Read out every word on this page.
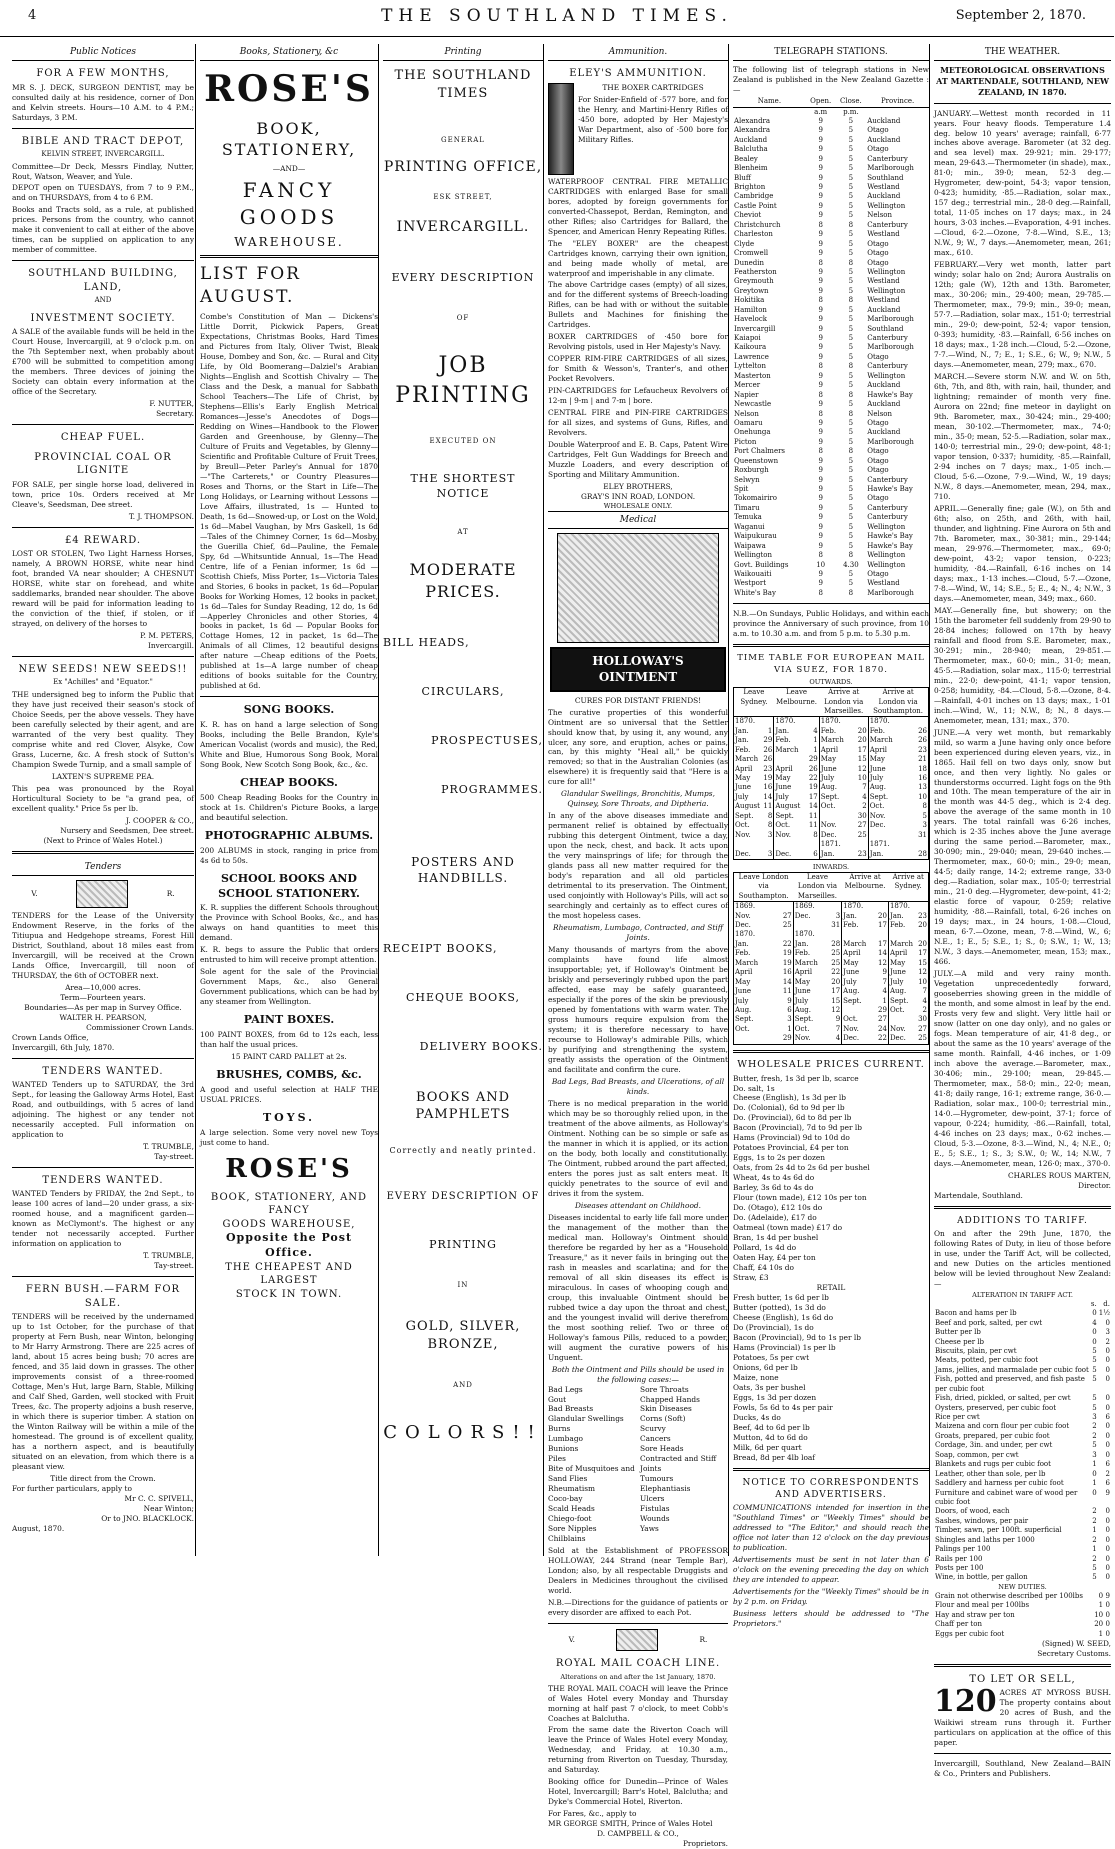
4	THE SOUTHLAND TIMES.	September 2, 1870.
Public Notices
FOR A FEW MONTHS,

MR S. J. DECK, SURGEON DENTIST, may be consulted daily at his residence, corner of Don and Kelvin streets. Hours—10 A.M. to 4 P.M.; Saturdays, 3 P.M.

BIBLE AND TRACT DEPOT,
KELVIN STREET, INVERCARGILL.

Committee—Dr Deck, Messrs Findlay, Nutter, Rout, Watson, Weaver, and Yule.

DEPOT open on TUESDAYS, from 7 to 9 P.M., and on THURSDAYS, from 4 to 6 P.M.

Books and Tracts sold, as a rule, at published prices. Persons from the country, who cannot make it convenient to call at either of the above times, can be supplied on application to any member of committee.

SOUTHLAND BUILDING, LAND,
AND
INVESTMENT SOCIETY.

A SALE of the available funds will be held in the Court House, Invercargill, at 9 o'clock p.m. on the 7th September next, when probably about £700 will be submitted to competition among the members. Three devices of joining the Society can obtain every information at the office of the Secretary.

F. NUTTER,
Secretary.
CHEAP FUEL.
PROVINCIAL COAL OR LIGNITE

FOR SALE, per single horse load, delivered in town, price 10s. Orders received at Mr Cleave's, Seedsman, Dee street.

T. J. THOMPSON.
£4 REWARD.

LOST OR STOLEN, Two Light Harness Horses, namely, A BROWN HORSE, white near hind foot, branded VA near shoulder; A CHESNUT HORSE, white star on forehead, and white saddlemarks, branded near shoulder. The above reward will be paid for information leading to the conviction of the thief, if stolen, or if strayed, on delivery of the horses to

P. M. PETERS,
Invercargill.
NEW SEEDS! NEW SEEDS!!
Ex "Achilles" and "Equator."

THE undersigned beg to inform the Public that they have just received their season's stock of Choice Seeds, per the above vessels. They have been carefully selected by their agent, and are warranted of the very best quality. They comprise white and red Clover, Alsyke, Cow Grass, Lucerne, &c. A fresh stock of Sutton's Champion Swede Turnip, and a small sample of

LAXTEN'S SUPREME PEA.

This pea was pronounced by the Royal Horticultural Society to be "a grand pea, of excellent quality." Price 5s per lb.

J. COOPER & CO.,
Nursery and Seedsmen, Dee street.
(Next to Prince of Wales Hotel.)
Tenders
V.	R.

TENDERS for the Lease of the University Endowment Reserve, in the forks of the Titiupua and Hedgehope streams, Forest Hill District, Southland, about 18 miles east from Invercargill, will be received at the Crown Lands Office, Invercargill, till noon of THURSDAY, the 6th of OCTOBER next.

Area—10,000 acres.
Term—Fourteen years.
Boundaries—As per map in Survey Office.
WALTER H. PEARSON,
Commissioner Crown Lands.
Crown Lands Office,
Invercargill, 6th July, 1870.
TENDERS WANTED.

WANTED Tenders up to SATURDAY, the 3rd Sept., for leasing the Galloway Arms Hotel, East Road, and outbuildings, with 5 acres of land adjoining. The highest or any tender not necessarily accepted. Full information on application to

T. TRUMBLE,
Tay-street.
TENDERS WANTED.

WANTED Tenders by FRIDAY, the 2nd Sept., to lease 100 acres of land—20 under grass, a six-roomed house, and a magnificent garden—known as McClymont's. The highest or any tender not necessarily accepted. Further information on application to

T. TRUMBLE,
Tay-street.
FERN BUSH.—FARM FOR SALE.

TENDERS will be received by the undernamed up to 1st October, for the purchase of that property at Fern Bush, near Winton, belonging to Mr Harry Armstrong. There are 225 acres of land, about 15 acres being bush; 70 acres are fenced, and 35 laid down in grasses. The other improvements consist of a three-roomed Cottage, Men's Hut, large Barn, Stable, Milking and Calf Shed, Garden, well stocked with Fruit Trees, &c. The property adjoins a bush reserve, in which there is superior timber. A station on the Winton Railway will be within a mile of the homestead. The ground is of excellent quality, has a northern aspect, and is beautifully situated on an elevation, from which there is a pleasant view.

Title direct from the Crown.
For further particulars, apply to
Mr C. C. SPIVELL,
Near Winton;
Or to JNO. BLACKLOCK.
August, 1870.
Books, Stationery, &c
ROSE'S
BOOK, STATIONERY,
—AND—
FANCY GOODS
WAREHOUSE.
LIST FOR AUGUST.

Combe's Constitution of Man — Dickens's Little Dorrit, Pickwick Papers, Great Expectations, Christmas Books, Hard Times and Pictures from Italy, Oliver Twist, Bleak House, Dombey and Son, &c. — Rural and City Life, by Old Boomerang—Dalziel's Arabian Nights—English and Scottish Chivalry — The Class and the Desk, a manual for Sabbath School Teachers—The Life of Christ, by Stephens—Ellis's Early English Metrical Romances—Jesse's Anecdotes of Dogs—Redding on Wines—Handbook to the Flower Garden and Greenhouse, by Glenny—The Culture of Fruits and Vegetables, by Glenny—Scientific and Profitable Culture of Fruit Trees, by Breull—Peter Parley's Annual for 1870—"The Carterets," or Country Pleasures—Roses and Thorns, or the Start in Life—The Long Holidays, or Learning without Lessons — Love Affairs, illustrated, 1s — Hunted to Death, 1s 6d—Snowed-up, or Lost on the Wold, 1s 6d—Mabel Vaughan, by Mrs Gaskell, 1s 6d—Tales of the Chimney Corner, 1s 6d—Mosby, the Guerilla Chief, 6d—Pauline, the Female Spy, 6d —Whitsuntide Annual, 1s—The Head Centre, life of a Fenian informer, 1s 6d —Scottish Chiefs, Miss Porter, 1s—Victoria Tales and Stories, 6 books in packet, 1s 6d—Popular Books for Working Homes, 12 books in packet, 1s 6d—Tales for Sunday Reading, 12 do, 1s 6d—Apperley Chronicles and other Stories, 4 books in packet, 1s 6d — Popular Books for Cottage Homes, 12 in packet, 1s 6d—The Animals of all Climes, 12 beautiful designs after nature —Cheap editions of the Poets, published at 1s—A large number of cheap editions of books suitable for the Country, published at 6d.

SONG BOOKS.

K. R. has on hand a large selection of Song Books, including the Belle Brandon, Kyle's American Vocalist (words and music), the Red, White and Blue, Humorous Song Book, Moral Song Book, New Scotch Song Book, &c., &c.

CHEAP BOOKS.

500 Cheap Reading Books for the Country in stock at 1s. Children's Picture Books, a large and beautiful selection.

PHOTOGRAPHIC ALBUMS.

200 ALBUMS in stock, ranging in price from 4s 6d to 50s.

SCHOOL BOOKS AND SCHOOL STATIONERY.

K. R. supplies the different Schools throughout the Province with School Books, &c., and has always on hand quantities to meet this demand.

K. R. begs to assure the Public that orders entrusted to him will receive prompt attention.

Sole agent for the sale of the Provincial Government Maps, &c., also General Government publications, which can be had by any steamer from Wellington.

PAINT BOXES.

100 PAINT BOXES, from 6d to 12s each, less than half the usual prices.

15 PAINT CARD PALLET at 2s.
BRUSHES, COMBS, &c.

A good and useful selection at HALF THE USUAL PRICES.

TOYS.

A large selection. Some very novel new Toys just come to hand.

ROSE'S
BOOK, STATIONERY, AND FANCY
GOODS WAREHOUSE,
Opposite the Post Office.
THE CHEAPEST AND LARGEST
STOCK IN TOWN.
Printing
THE SOUTHLAND TIMES
GENERAL
PRINTING OFFICE,
ESK STREET,
INVERCARGILL.
EVERY DESCRIPTION
OF
JOB PRINTING
EXECUTED ON
THE SHORTEST NOTICE
AT
MODERATE PRICES.
BILL HEADS,
CIRCULARS,
PROSPECTUSES,
PROGRAMMES.
POSTERS AND HANDBILLS.
RECEIPT BOOKS,
CHEQUE BOOKS,
DELIVERY BOOKS.
BOOKS AND PAMPHLETS
Correctly and neatly printed.
EVERY DESCRIPTION OF
PRINTING
IN
GOLD, SILVER, BRONZE,
AND
COLORS!!
Ammunition.
ELEY'S AMMUNITION.
THE BOXER CARTRIDGES

For Snider-Enfield of ·577 bore, and for the Henry, and Martini-Henry Rifles of ·450 bore, adopted by Her Majesty's War Department, also of ·500 bore for Military Rifles.

WATERPROOF CENTRAL FIRE METALLIC CARTRIDGES with enlarged Base for small bores, adopted by foreign governments for converted-Chassepot, Berdan, Remington, and other Rifles; also Cartridges for Ballard, the Spencer, and American Henry Repeating Rifles.

The "ELEY BOXER" are the cheapest Cartridges known, carrying their own ignition, and being made wholly of metal, are waterproof and imperishable in any climate.

The above Cartridge cases (empty) of all sizes, and for the different systems of Breech-loading Rifles, can be had with or without the suitable Bullets and Machines for finishing the Cartridges.

BOXER CARTRIDGES of ·450 bore for Revolving pistols, used in Her Majesty's Navy.

COPPER RIM-FIRE CARTRIDGES of all sizes, for Smith & Wesson's, Tranter's, and other Pocket Revolvers.

PIN-CARTRIDGES for Lefaucheux Revolvers of 12-m | 9-m | and 7-m | bore.

CENTRAL FIRE and PIN-FIRE CARTRIDGES for all sizes, and systems of Guns, Rifles, and Revolvers.

Double Waterproof and E. B. Caps, Patent Wire Cartridges, Felt Gun Waddings for Breech and Muzzle Loaders, and every description of Sporting and Military Ammunition.

ELEY BROTHERS,
GRAY'S INN ROAD, LONDON.
WHOLESALE ONLY.
Medical
HOLLOWAY'S OINTMENT
CURES FOR DISTANT FRIENDS!

The curative properties of this wonderful Ointment are so universal that the Settler should know that, by using it, any wound, any ulcer, any sore, and eruption, aches or pains, can, by this mighty "Heal all," be quickly removed; so that in the Australian Colonies (as elsewhere) it is frequently said that "Here is a cure for all!"

Glandular Swellings, Bronchitis, Mumps, Quinsey, Sore Throats, and Diptheria.

In any of the above diseases immediate and permanent relief is obtained by effectually rubbing this detergent Ointment, twice a day, upon the neck, chest, and back. It acts upon the very mainsprings of life; for through the glands pass all new matter required for the body's reparation and all old particles detrimental to its preservation. The Ointment, used conjointly with Holloway's Pills, will act so searchingly and certainly as to effect cures of the most hopeless cases.

Rheumatism, Lumbago, Contracted, and Stiff Joints.

Many thousands of martyrs from the above complaints have found life almost insupportable; yet, if Holloway's Ointment be briskly and perseveringly rubbed upon the part affected, ease may be safely guaranteed, especially if the pores of the skin be previously opened by fomentations with warm water. The gross humours require expulsion from the system; it is therefore necessary to have recourse to Holloway's admirable Pills, which by purifying and strengthening the system, greatly assists the operation of the Ointment and facilitate and confirm the cure.

Bad Legs, Bad Breasts, and Ulcerations, of all kinds.

There is no medical preparation in the world which may be so thoroughly relied upon, in the treatment of the above ailments, as Holloway's Ointment. Nothing can be so simple or safe as the manner in which it is applied, or its action on the body, both locally and constitutionally. The Ointment, rubbed around the part affected, enters the pores just as salt enters meat. It quickly penetrates to the source of evil and drives it from the system.

Diseases attendant on Childhood.

Diseases incidental to early life fall more under the management of the mother than the medical man. Holloway's Ointment should therefore be regarded by her as a "Household Treasure," as it never fails in bringing out the rash in measles and scarlatina; and for the removal of all skin diseases its effect is miraculous. In cases of whooping cough and croup, this invaluable Ointment should be rubbed twice a day upon the throat and chest, and the youngest invalid will derive therefrom the most soothing relief. Two or three of Holloway's famous Pills, reduced to a powder, will augment the curative powers of his Unguent.

Both the Ointment and Pills should be used in the following cases:—
Bad Legs
Gout
Bad Breasts
Glandular Swellings
Burns
Lumbago
Bunions
Piles
Bite of Musquitoes and Sand Flies
Rheumatism
Coco-bay
Scald Heads
Chiego-foot
Sore Nipples
Chilblains
Sore Throats
Chapped Hands
Skin Diseases
Corns (Soft)
Scurvy
Cancers
Sore Heads
Contracted and Stiff Joints
Tumours
Elephantiasis
Ulcers
Fistulas
Wounds
Yaws

Sold at the Establishment of PROFESSOR HOLLOWAY, 244 Strand (near Temple Bar), London; also, by all respectable Druggists and Dealers in Medicines throughout the civilised world.

N.B.—Directions for the guidance of patients or every disorder are affixed to each Pot.

V.	R.
ROYAL MAIL COACH LINE.
Alterations on and after the 1st January, 1870.

THE ROYAL MAIL COACH will leave the Prince of Wales Hotel every Monday and Thursday morning at half past 7 o'clock, to meet Cobb's Coaches at Balclutha.

From the same date the Riverton Coach will leave the Prince of Wales Hotel every Monday, Wednesday, and Friday, at 10.30 a.m., returning from Riverton on Tuesday, Thursday, and Saturday.

Booking office for Dunedin—Prince of Wales Hotel, Invercargill; Barr's Hotel, Balclutha; and Dyke's Commercial Hotel, Riverton.

For Fares, &c., apply to
MR GEORGE SMITH, Prince of Wales Hotel
D. CAMPBELL & CO.,
Proprietors.
TELEGRAPH STATIONS.

The following list of telegraph stations in New Zealand is published in the New Zealand Gazette :—

Name.	Open.	Close.	Province.
	a.m	p.m.	
Alexandra	9	5	Auckland
Alexandra	9	5	Otago
Auckland	9	5	Auckland
Balclutha	9	5	Otago
Bealey	9	5	Canterbury
Blenheim	9	5	Marlborough
Bluff	9	5	Southland
Brighton	9	5	Westland
Cambridge	9	5	Auckland
Castle Point	9	5	Wellington
Cheviot	9	5	Nelson
Christchurch	8	8	Canterbury
Charleston	9	5	Westland
Clyde	9	5	Otago
Cromwell	9	5	Otago
Dunedin	8	8	Otago
Featherston	9	5	Wellington
Greymouth	9	5	Westland
Greytown	9	5	Wellington
Hokitika	8	8	Westland
Hamilton	9	5	Auckland
Havelock	9	5	Marlborough
Invercargill	9	5	Southland
Kaiapoi	9	5	Canterbury
Kaikoura	9	5	Marlborough
Lawrence	9	5	Otago
Lyttelton	8	8	Canterbury
Masterton	9	5	Wellington
Mercer	9	5	Auckland
Napier	8	8	Hawke's Bay
Newcastle	9	5	Auckland
Nelson	8	8	Nelson
Oamaru	9	5	Otago
Onehunga	9	5	Auckland
Picton	9	5	Marlborough
Port Chalmers	8	8	Otago
Queenstown	9	5	Otago
Roxburgh	9	5	Otago
Selwyn	9	5	Canterbury
Spit	9	5	Hawke's Bay
Tokomairiro	9	5	Otago
Timaru	9	5	Canterbury
Temuka	9	5	Canterbury
Waganui	9	5	Wellington
Waipukurau	9	5	Hawke's Bay
Waipawa	9	5	Hawke's Bay
Wellington	8	8	Wellington
Govt. Buildings	10	4.30	Wellington
Waikouaiti	9	5	Otago
Westport	9	5	Westland
White's Bay	8	8	Marlborough

N.B.—On Sundays, Public Holidays, and within each province the Anniversary of such province, from 10 a.m. to 10.30 a.m. and from 5 p.m. to 5.30 p.m.

TIME TABLE FOR EUROPEAN MAIL VIA SUEZ, FOR 1870.
OUTWARDS.
Leave Sydney.		Leave Melbourne.		Arrive at London via Marseilles.		Arrive at London via Southampton.	
1870.		1870.		1870.		1870.	
Jan.	1	Jan.	4	Feb.	20	Feb.	26
Jan.	29	Feb.	1	March	20	March	26
Feb.	26	March	1	April	17	April	23
March	26		29	May	15	May	21
April	23	April	26	June	12	June	18
May	19	May	22	July	10	July	16
June	16	June	19	Aug.	7	Aug.	13
July	14	July	17	Sept.	4	Sept.	10
August	11	August	14	Oct.	2	Oct.	8
Sept.	8	Sept.	11		30	Nov.	5
Oct.	8	Oct.	11	Nov.	27	Dec.	3
Nov.	3	Nov.	8	Dec.	25		31
				1871.		1871.	
Dec.	3	Dec.	6	Jan.	23	Jan.	28
INWARDS.
Leave London via Southampton.		Leave London via Marseilles.		Arrive at Melbourne.		Arrive at Sydney.	
1869.		1869.		1870.		1870.	
Nov.	27	Dec.	3	Jan.	20	Jan.	23
Dec.	25		31	Feb.	17	Feb.	20
1870.		1870.					
Jan.	22	Jan.	28	March	17	March	20
Feb.	19	Feb.	25	April	14	April	17
March	19	March	25	May	12	May	15
April	16	April	22	June	9	June	12
May	14	May	20	July	7	July	10
June	11	June	17	Aug.	4	Aug.	7
July	9	July	15	Sept.	1	Sept.	4
Aug.	6	Aug.	12		29	Oct.	2
Sept.	3	Sept.	9	Oct.	27		30
Oct.	1	Oct.	7	Nov.	24	Nov.	27
	29	Nov.	4	Dec.	22	Dec.	25
WHOLESALE PRICES CURRENT.
Butter, fresh, 1s 3d per lb, scarce
Do. salt, 1s
Cheese (English), 1s 3d per lb
Do. (Colonial), 6d to 9d per lb
Do. (Provincial), 6d to 8d per lb
Bacon (Provincial), 7d to 9d per lb
Hams (Provincial) 9d to 10d do
Potatoes Provincial, £4 per ton
Eggs, 1s to 2s per dozen
Oats, from 2s 4d to 2s 6d per bushel
Wheat, 4s to 4s 6d do
Barley, 3s 6d to 4s do
Flour (town made), £12 10s per ton
Do. (Otago), £12 10s do
Do. (Adelaide), £17 do
Oatmeal (town made) £17 do
Bran, 1s 4d per bushel
Pollard, 1s 4d do
Oaten Hay, £4 per ton
Chaff, £4 10s do
Straw, £3
RETAIL
Fresh butter, 1s 6d per lb
Butter (potted), 1s 3d do
Cheese (English), 1s 6d do
Do (Provincial), 1s do
Bacon (Provincial), 9d to 1s per lb
Hams (Provincial) 1s per lb
Potatoes, 5s per cwt
Onions, 6d per lb
Maize, none
Oats, 3s per bushel
Eggs, 1s 3d per dozen
Fowls, 5s 6d to 4s per pair
Ducks, 4s do
Beef, 4d to 6d per lb
Mutton, 4d to 6d do
Milk, 6d per quart
Bread, 8d per 4lb loaf
NOTICE TO CORRESPONDENTS AND ADVERTISERS.

COMMUNICATIONS intended for insertion in the "Southland Times" or "Weekly Times" should be addressed to "The Editor," and should reach the office not later than 12 o'clock on the day previous to publication.

Advertisements must be sent in not later than 6 o'clock on the evening preceding the day on which they are intended to appear.

Advertisements for the "Weekly Times" should be in by 2 p.m. on Friday.

Business letters should be addressed to "The Proprietors."

THE WEATHER.
METEOROLOGICAL OBSERVATIONS AT MARTENDALE, SOUTHLAND, NEW ZEALAND, IN 1870.

JANUARY.—Wettest month recorded in 11 years. Four heavy floods. Temperature 1.4 deg. below 10 years' average; rainfall, 6·77 inches above average. Barometer (at 32 deg. and sea level) max. 29·921; min. 29·177; mean, 29·643.—Thermometer (in shade), max., 81·0; min., 39·0; mean, 52·3 deg.—Hygrometer, dew-point, 54·3; vapor tension, 0·423; humidity, ·85.—Radiation, solar max., 157 deg.; terrestrial min., 28·0 deg.—Rainfall, total, 11·05 inches on 17 days; max., in 24 hours, 3·03 inches.—Evaporation, 4·91 inches.—Cloud, 6·2.—Ozone, 7·8.—Wind, S.E., 13; N.W., 9; W., 7 days.—Anemometer, mean, 261; max., 610.

FEBRUARY.—Very wet month, latter part windy; solar halo on 2nd; Aurora Australis on 12th; gale (W), 12th and 13th. Barometer, max., 30·206; min., 29·400; mean, 29·785.—Thermometer, max., 79·9; min., 39·0; mean, 57·7.—Radiation, solar max., 151·0; terrestrial min., 29·0; dew-point, 52·4; vapor tension, 0·393; humidity, ·83.—Rainfall, 6·56 inches on 18 days; max., 1·28 inch.—Cloud, 5·2.—Ozone, 7·7.—Wind, N., 7; E., 1; S.E., 6; W., 9; N.W., 5 days.—Anemometer, mean, 279; max., 670.

MARCH.—Severe storm N.W. and W. on 5th, 6th, 7th, and 8th, with rain, hail, thunder, and lightning; remainder of month very fine. Aurora on 22nd; fine meteor in daylight on 9th. Barometer, max., 30·424; min., 29·400; mean, 30·102.—Thermometer, max., 74·0; min., 35·0; mean, 52·5.—Radiation, solar max., 140·0; terrestrial min., 29·0; dew-point, 48·1; vapor tension, 0·337; humidity, ·85.—Rainfall, 2·94 inches on 7 days; max., 1·05 inch.—Cloud, 5·6.—Ozone, 7·9.—Wind, W., 19 days; N.W., 8 days.—Anemometer, mean, 294, max., 710.

APRIL.—Generally fine; gale (W.), on 5th and 6th; also, on 25th, and 26th, with hail, thunder, and lightning. Fine Aurora on 5th and 7th. Barometer, max., 30·381; min., 29·144; mean, 29·976.—Thermometer, max., 69·0; dew-point, 43·2; vapor tension, 0·223; humidity, ·84.—Rainfall, 6·16 inches on 14 days; max., 1·13 inches.—Cloud, 5·7.—Ozone, 7·8.—Wind, W., 14; S.E., 5; E., 4; N., 4; N.W., 3 days.—Anemometer, mean, 349; max., 660.

MAY.—Generally fine, but showery; on the 15th the barometer fell suddenly from 29·90 to 28·84 inches; followed on 17th by heavy rainfall and flood from S.E. Barometer, max., 30·291; min., 28·940; mean, 29·851.—Thermometer, max., 60·0; min., 31·0; mean, 45·5.—Radiation, solar max., 115·0; terrestrial min., 22·0; dew-point, 41·1; vapor tension, 0·258; humidity, ·84.—Cloud, 5·8.—Ozone, 8·4.—Rainfall, 4·01 inches on 13 days; max., 1·01 inch.—Wind, W., 11; N.W., 8; N., 8 days.—Anemometer, mean, 131; max., 370.

JUNE.—A very wet month, but remarkably mild, so warm a June having only once before been experienced during eleven years, viz., in 1865. Hail fell on two days only, snow but once, and then very lightly. No gales or thunderstorms occurred. Light fogs on the 9th and 10th. The mean temperature of the air in the month was 44·5 deg., which is 2·4 deg. above the average of the same month in 10 years. The total rainfall was 6·26 inches, which is 2·35 inches above the June average during the same period.—Barometer, max., 30·090; min., 29·040; mean, 29·640 inches.—Thermometer, max., 60·0; min., 29·0; mean, 44·5; daily range, 14·2; extreme range, 33·0 deg.—Radiation, solar max., 105·0; terrestrial min., 21·0 deg.—Hygrometer, dew-point, 41·2; elastic force of vapour, 0·259; relative humidity, ·88.—Rainfall, total, 6·26 inches on 19 days; max., in 24 hours, 1·08.—Cloud, mean, 6·7.—Ozone, mean, 7·8.—Wind, W., 6; N.E., 1; E., 5; S.E., 1; S., 0; S.W., 1; W., 13; N.W., 3 days.—Anemometer, mean, 153; max., 466.

JULY.—A mild and very rainy month. Vegetation unprecedentedly forward, gooseberries showing green in the middle of the month, and some almost in leaf by the end. Frosts very few and slight. Very little hail or snow (latter on one day only), and no gales or fogs. Mean temperature of air, 41·8 deg., or about the same as the 10 years' average of the same month. Rainfall, 4·46 inches, or 1·09 inch above the average.—Barometer, max., 30·406; min., 29·100; mean, 29·845.—Thermometer, max., 58·0; min., 22·0; mean, 41·8; daily range, 16·1; extreme range, 36·0.—Radiation, solar max., 100·0; terrestrial min., 14·0.—Hygrometer, dew-point, 37·1; force of vapour, 0·224; humidity, ·86.—Rainfall, total, 4·46 inches on 23 days; max., 0·62 inches.—Cloud, 5·3.—Ozone, 8·3.—Wind, N., 4; N.E., 0; E., 5; S.E., 1; S., 3; S.W., 0; W., 14; N.W., 7 days.—Anemometer, mean, 126·0; max., 370·0.

CHARLES ROUS MARTEN,
Director.
Martendale, Southland.
ADDITIONS TO TARIFF.

On and after the 29th June, 1870, the following Rates of Duty, in lieu of those before in use, under the Tariff Act, will be collected, and new Duties on the articles mentioned below will be levied throughout New Zealand:—

ALTERATION IN TARIFF ACT.
	s.	d.
Bacon and hams per lb	0	1½
Beef and pork, salted, per cwt	4	0
Butter per lb	0	3
Cheese per lb	0	2
Biscuits, plain, per cwt	5	0
Meats, potted, per cubic foot	5	0
Jams, jellies, and marmalade per cubic foot	5	0
Fish, potted and preserved, and fish paste per cubic foot	5	0
Fish, dried, pickled, or salted, per cwt	5	0
Oysters, preserved, per cubic foot	5	0
Rice per cwt	3	6
Maizena and corn flour per cubic foot	2	0
Groats, prepared, per cubic foot	2	0
Cordage, 3in. and under, per cwt	5	0
Soap, common, per cwt	3	0
Blankets and rugs per cubic foot	1	6
Leather, other than sole, per lb	0	2
Saddlery and harness per cubic foot	1	6
Furniture and cabinet ware of wood per cubic foot	0	9
Doors, of wood, each	2	0
Sashes, windows, per pair	2	0
Timber, sawn, per 100ft. superficial	1	0
Shingles and laths per 1000	2	0
Palings per 100	1	0
Rails per 100	2	0
Posts per 100	5	0
Wine, in bottle, per gallon	5	0
NEW DUTIES.
Grain not otherwise described per 100lbs	0	9
Flour and meal per 100lbs	1	0
Hay and straw per ton	10	0
Chaff per ton	20	0
Eggs per cubic foot	1	0
(Signed) W. SEED,
Secretary Customs.
TO LET OR SELL,

120 ACRES AT MYROSS BUSH. The property contains about 20 acres of Bush, and the Waikiwi stream runs through it. Further particulars on application at the office of this paper.

Invercargill, Southland, New Zealand—BAIN & Co., Printers and Publishers.
